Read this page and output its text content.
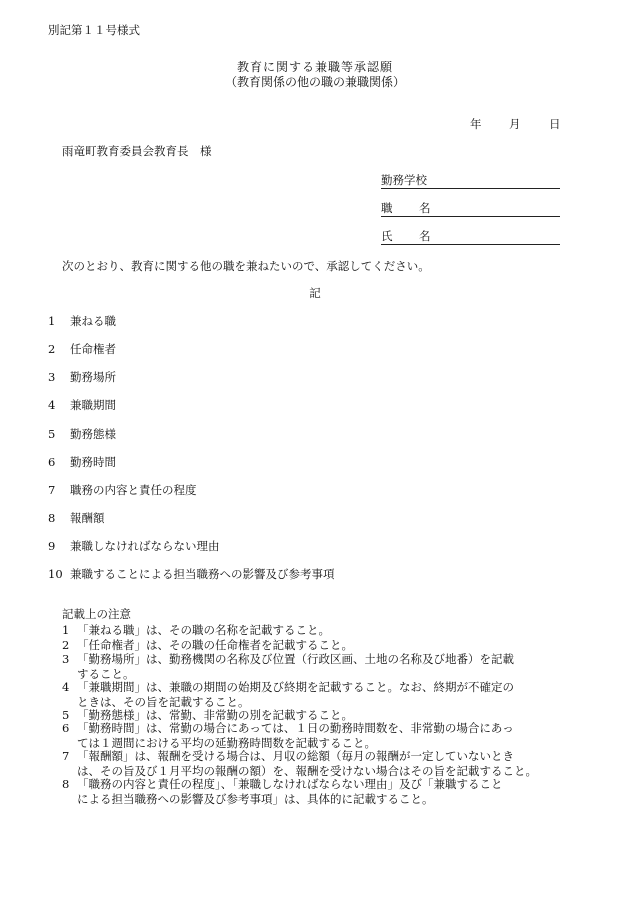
別記第１１号様式
教育に関する兼職等承認願
（教育関係の他の職の兼職関係）
年 月 日
雨竜町教育委員会教育長　様
勤務学校
職 名
氏 名
次のとおり、教育に関する他の職を兼ねたいので、承認してください。
記
1 兼ねる職
2 任命権者
3 勤務場所
4 兼職期間
5 勤務態様
6 勤務時間
7 職務の内容と責任の程度
8 報酬額
9 兼職しなければならない理由
10 兼職することによる担当職務への影響及び参考事項
記載上の注意
1 「兼ねる職」は、その職の名称を記載すること。
2 「任命権者」は、その職の任命権者を記載すること。
3 「勤務場所」は、勤務機関の名称及び位置（行政区画、土地の名称及び地番）を記載
すること。
4 「兼職期間」は、兼職の期間の始期及び終期を記載すること。なお、終期が不確定の
ときは、その旨を記載すること。
5 「勤務態様」は、常勤、非常勤の別を記載すること。
6 「勤務時間」は、常勤の場合にあっては、１日の勤務時間数を、非常勤の場合にあっ
ては１週間における平均の延勤務時間数を記載すること。
7 「報酬額」は、報酬を受ける場合は、月収の総額（毎月の報酬が一定していないとき
は、その旨及び１月平均の報酬の額）を、報酬を受けない場合はその旨を記載すること。
8 「職務の内容と責任の程度」、「兼職しなければならない理由」及び「兼職すること
による担当職務への影響及び参考事項」は、具体的に記載すること。
